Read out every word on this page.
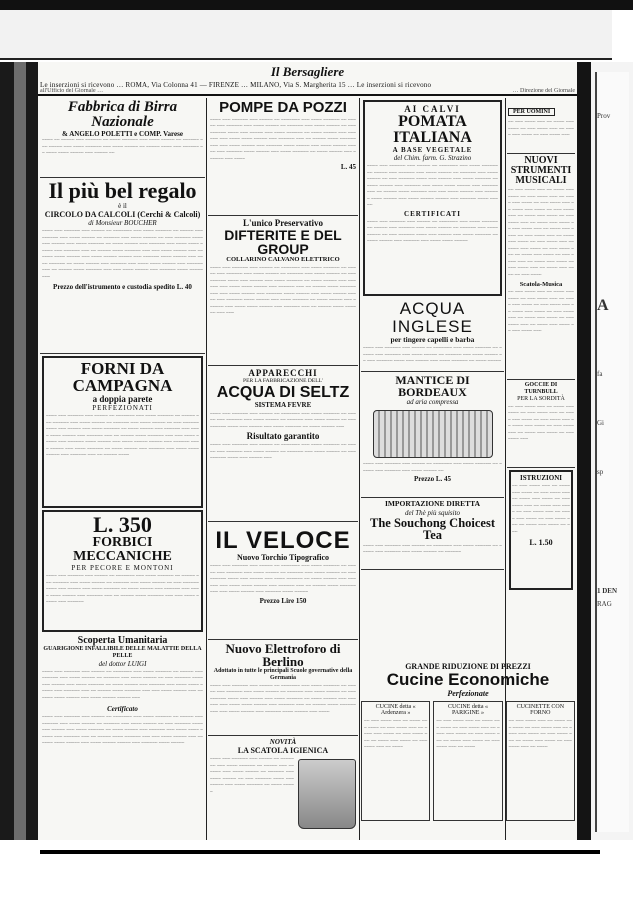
Prov
A
fa
Gi
sp
1 DEN
RAG
Il Bersagliere
Le inserzioni si ricevono … ROMA, Via Colonna 41 — FIRENZE … MILANO, Via S. Margherita 15 … Le inserzioni si ricevono
all'Ufficio del Giornale …	… Direzione del Giornale
Fabbrica di Birra Nazionale
& ANGELO POLETTI e COMP. Varese
~~~~ ~~ ~~~~~ ~~~ ~~~~~~ ~~ ~~~~ ~~~~~~ ~~~ ~~~~ ~~~~~ ~~ ~~~~~~ ~~~ ~~~~~ ~~~ ~~~~ ~~~~~~ ~~~ ~~~~ ~~~~~ ~~ ~~~~~ ~~~~ ~~~ ~~~~~~ ~~ ~~~~ ~~~~ ~~~~~ ~~~ ~~~~~ ~~
Il più bel regalo
è il
CIRCOLO DA CALCOLI (Cerchi & Calcoli)
di Monsieur BOUCHER
~~~~ ~~~ ~~~~~~ ~~~ ~~~~~ ~~ ~~~~~~~ ~~~ ~~~~ ~~~~~~ ~~ ~~~~~ ~~~ ~~~~~~ ~~~ ~~~~ ~~~~~ ~~ ~~~~~~ ~~~ ~~~~ ~~~~~ ~~ ~~~ ~~~~~~ ~~~~ ~~~ ~~~~~ ~~~ ~~~~ ~~~~~~ ~~ ~~~~ ~~~~~ ~~~ ~~~~~~ ~~~ ~~~~ ~~~~ ~~~~~ ~~~ ~~~~~~ ~~~ ~~ ~~~~~ ~~~~ ~~~~~~ ~~~ ~~~ ~~~~ ~~~~~ ~~~ ~~~~~~ ~~~~ ~~~~~ ~~~ ~~~~ ~~~~~ ~~~~~ ~~~ ~~~~~~ ~~~~ ~~~~~ ~~~ ~~~~ ~~~~~~ ~~ ~~~~ ~~~~~ ~~~ ~~~~~~ ~~~ ~~~~ ~~~~ ~~~~~ ~~~ ~~~~~~ ~~~ ~~ ~~~~~ ~~~~ ~~~~~~ ~~~ ~~~ ~~~~ ~~~~~ ~~~ ~~~~~~ ~~~~ ~~~~~ ~~~
Prezzo dell'istrumento e custodia spedito L. 40
FORNI DA CAMPAGNA
a doppia parete
PERFEZIONATI
~~~~ ~~~ ~~~~~~ ~~~ ~~~~~ ~~ ~~~~~~~ ~~~ ~~~~ ~~~~~~ ~~ ~~~~~ ~~~ ~~~~~~ ~~~ ~~~~ ~~~~~ ~~ ~~~~~~ ~~~ ~~~~ ~~~~~ ~~ ~~~ ~~~~~~ ~~~~ ~~~ ~~~~~ ~~~ ~~~~ ~~~~~~ ~~ ~~~~ ~~~~~ ~~~ ~~~~~~ ~~~ ~~~~ ~~~~ ~~~~~ ~~~ ~~~~~~ ~~~ ~~ ~~~~~ ~~~~ ~~~~~~ ~~~ ~~~ ~~~~ ~~~~~ ~~~ ~~~~~~ ~~~~ ~~~~~ ~~~ ~~~~ ~~~~~ ~~~~~ ~~~ ~~~~~~ ~~~~ ~~~~~ ~~~ ~~~~ ~~~~~~ ~~ ~~~~ ~~~~~ ~~~ ~~~~~~ ~~~ ~~~~ ~~~~ ~~~~~ ~~~ ~~~~~~ ~~~ ~~ ~~~~~ ~~~~
L. 350
FORBICI MECCANICHE
PER PECORE E MONTONI
~~~~ ~~~ ~~~~~~ ~~~ ~~~~~ ~~ ~~~~~~~ ~~~ ~~~~ ~~~~~~ ~~ ~~~~~ ~~~ ~~~~~~ ~~~ ~~~~ ~~~~~ ~~ ~~~~~~ ~~~ ~~~~ ~~~~~ ~~ ~~~ ~~~~~~ ~~~~ ~~~ ~~~~~ ~~~ ~~~~ ~~~~~~ ~~ ~~~~ ~~~~~ ~~~ ~~~~~~ ~~~ ~~~~ ~~~~ ~~~~~ ~~~ ~~~~~~ ~~~ ~~ ~~~~~ ~~~~ ~~~~~~ ~~~ ~~~ ~~~~ ~~~~~ ~~~ ~~~~~~
Scoperta Umanitaria
GUARIGIONE INFALLIBILE DELLE MALATTIE DELLA PELLE
del dottor LUIGI
~~~~ ~~~ ~~~~~~ ~~~ ~~~~~ ~~ ~~~~~~~ ~~~ ~~~~ ~~~~~~ ~~ ~~~~~ ~~~ ~~~~~~ ~~~ ~~~~ ~~~~~ ~~ ~~~~~~ ~~~ ~~~~ ~~~~~ ~~ ~~~ ~~~~~~ ~~~~ ~~~ ~~~~~ ~~~ ~~~~ ~~~~~~ ~~ ~~~~ ~~~~~ ~~~ ~~~~~~ ~~~ ~~~~ ~~~~ ~~~~~ ~~~ ~~~~~~ ~~~ ~~ ~~~~~ ~~~~ ~~~~~~ ~~~ ~~~ ~~~~ ~~~~~ ~~~ ~~~~~~ ~~~~ ~~~~~ ~~~ ~~~~ ~~~~~ ~~~~~ ~~~
Certificato
~~~~ ~~~ ~~~~~~ ~~~ ~~~~~ ~~ ~~~~~~~ ~~~ ~~~~ ~~~~~~ ~~ ~~~~~ ~~~ ~~~~~~ ~~~ ~~~~ ~~~~~ ~~ ~~~~~~ ~~~ ~~~~ ~~~~~ ~~ ~~~ ~~~~~~ ~~~~ ~~~ ~~~~~ ~~~ ~~~~ ~~~~~~ ~~ ~~~~ ~~~~~ ~~~ ~~~~~~ ~~~ ~~~~ ~~~~ ~~~~~ ~~~ ~~~~~~ ~~~ ~~ ~~~~~ ~~~~ ~~~~~~ ~~~ ~~~ ~~~~ ~~~~~ ~~~ ~~~~~~ ~~~~ ~~~~~ ~~~ ~~~~ ~~~~~ ~~~~~ ~~~ ~~~~~~ ~~~~ ~~~~~
POMPE DA POZZI
~~~~ ~~~ ~~~~~~ ~~~ ~~~~~ ~~ ~~~~~~~ ~~~ ~~~~ ~~~~~~ ~~ ~~~~~ ~~~ ~~~~~~ ~~~ ~~~~ ~~~~~ ~~ ~~~~~~ ~~~ ~~~~ ~~~~~ ~~ ~~~ ~~~~~~ ~~~~ ~~~ ~~~~~ ~~~ ~~~~ ~~~~~~ ~~ ~~~~ ~~~~~ ~~~ ~~~~~~ ~~~ ~~~~ ~~~~ ~~~~~ ~~~ ~~~~~~ ~~~ ~~ ~~~~~ ~~~~ ~~~~~~ ~~~ ~~~ ~~~~ ~~~~~ ~~~ ~~~~~~ ~~~~ ~~~~~ ~~~ ~~~~ ~~~~~ ~~~~~ ~~~ ~~~~~~ ~~~~ ~~~~~ ~~~ ~~~~ ~~~~~~ ~~ ~~~~ ~~~~~ ~~~ ~~~~~~ ~~~ ~~~~
L. 45
L'unico Preservativo
DIFTERITE E DEL GROUP
COLLARINO CALVANO ELETTRICO
~~~~ ~~~ ~~~~~~ ~~~ ~~~~~ ~~ ~~~~~~~ ~~~ ~~~~ ~~~~~~ ~~ ~~~~~ ~~~ ~~~~~~ ~~~ ~~~~ ~~~~~ ~~ ~~~~~~ ~~~ ~~~~ ~~~~~ ~~ ~~~ ~~~~~~ ~~~~ ~~~ ~~~~~ ~~~ ~~~~ ~~~~~~ ~~ ~~~~ ~~~~~ ~~~ ~~~~~~ ~~~ ~~~~ ~~~~ ~~~~~ ~~~ ~~~~~~ ~~~ ~~ ~~~~~ ~~~~ ~~~~~~ ~~~ ~~~ ~~~~ ~~~~~ ~~~ ~~~~~~ ~~~~ ~~~~~ ~~~ ~~~~ ~~~~~ ~~~~~ ~~~ ~~~~~~ ~~~~ ~~~~~ ~~~ ~~~~ ~~~~~~ ~~ ~~~~ ~~~~~ ~~~ ~~~~~~ ~~~ ~~~~ ~~~~ ~~~~~ ~~~ ~~~~~~ ~~~ ~~ ~~~~~ ~~~~ ~~~~~~ ~~~ ~~~
APPARECCHI
PER LA FABBRICAZIONE DELL'
ACQUA DI SELTZ
SISTEMA FEVRE
~~~~ ~~~ ~~~~~~ ~~~ ~~~~~ ~~ ~~~~~~~ ~~~ ~~~~ ~~~~~~ ~~ ~~~~~ ~~~ ~~~~~~ ~~~ ~~~~ ~~~~~ ~~ ~~~~~~ ~~~ ~~~~ ~~~~~ ~~ ~~~ ~~~~~~ ~~~~ ~~~ ~~~~~ ~~~ ~~~~ ~~~~~~ ~~ ~~~~ ~~~~~ ~~~
Risultato garantito
~~~~ ~~~ ~~~~~~ ~~~ ~~~~~ ~~ ~~~~~~~ ~~~ ~~~~ ~~~~~~ ~~ ~~~~~ ~~~ ~~~~~~ ~~~ ~~~~ ~~~~~ ~~ ~~~~~~ ~~~ ~~~~ ~~~~~ ~~ ~~~ ~~~~~~ ~~~~ ~~~ ~~~~~ ~~~
IL VELOCE
Nuovo Torchio Tipografico
~~~~ ~~~ ~~~~~~ ~~~ ~~~~~ ~~ ~~~~~~~ ~~~ ~~~~ ~~~~~~ ~~ ~~~~~ ~~~ ~~~~~~ ~~~ ~~~~ ~~~~~ ~~ ~~~~~~ ~~~ ~~~~ ~~~~~ ~~ ~~~ ~~~~~~ ~~~~ ~~~ ~~~~~ ~~~ ~~~~ ~~~~~~ ~~ ~~~~ ~~~~~ ~~~ ~~~~~~ ~~~ ~~~~ ~~~~ ~~~~~ ~~~ ~~~~~~ ~~~ ~~ ~~~~~ ~~~~ ~~~~~~ ~~~ ~~~ ~~~~ ~~~~~ ~~~ ~~~~~~ ~~~~ ~~~~~
Prezzo Lire 150
Nuovo Elettroforo di Berlino
Adottato in tutte le principali Scuole governative della Germania
~~~~ ~~~ ~~~~~~ ~~~ ~~~~~ ~~ ~~~~~~~ ~~~ ~~~~ ~~~~~~ ~~ ~~~~~ ~~~ ~~~~~~ ~~~ ~~~~ ~~~~~ ~~ ~~~~~~ ~~~ ~~~~ ~~~~~ ~~ ~~~ ~~~~~~ ~~~~ ~~~ ~~~~~ ~~~ ~~~~ ~~~~~~ ~~ ~~~~ ~~~~~ ~~~ ~~~~~~ ~~~ ~~~~ ~~~~ ~~~~~ ~~~ ~~~~~~ ~~~ ~~ ~~~~~ ~~~~ ~~~~~~ ~~~ ~~~ ~~~~ ~~~~~ ~~~ ~~~~~~ ~~~~ ~~~~~ ~~~ ~~~~
NOVITÀ
LA SCATOLA IGIENICA
~~~~ ~~~ ~~~~~~ ~~~ ~~~~~ ~~ ~~~~~~~ ~~~ ~~~~ ~~~~~~ ~~ ~~~~~ ~~~ ~~~~~~ ~~~ ~~~~ ~~~~~ ~~ ~~~~~~ ~~~ ~~~~ ~~~~~ ~~ ~~~ ~~~~~~ ~~~~ ~~~ ~~~~~ ~~~ ~~~~ ~~~~~~ ~~ ~~~~ ~~~~~
AI CALVI
POMATA ITALIANA
A BASE VEGETALE
del Chim. farm. G. Strazino
~~~~ ~~~ ~~~~~~ ~~~ ~~~~~ ~~ ~~~~~~~ ~~~ ~~~~ ~~~~~~ ~~ ~~~~~ ~~~ ~~~~~~ ~~~ ~~~~ ~~~~~ ~~ ~~~~~~ ~~~ ~~~~ ~~~~~ ~~ ~~~ ~~~~~~ ~~~~ ~~~ ~~~~~ ~~~ ~~~~ ~~~~~~ ~~ ~~~~ ~~~~~ ~~~ ~~~~~~ ~~~ ~~~~ ~~~~ ~~~~~ ~~~ ~~~~~~ ~~~ ~~ ~~~~~ ~~~~ ~~~~~~ ~~~ ~~~ ~~~~ ~~~~~ ~~~ ~~~~~~ ~~~~ ~~~~~ ~~~ ~~~~ ~~~~~ ~~~~~ ~~~ ~~~~~~ ~~~~ ~~~~~
CERTIFICATI
~~~~ ~~~ ~~~~~~ ~~~ ~~~~~ ~~ ~~~~~~~ ~~~ ~~~~ ~~~~~~ ~~ ~~~~~ ~~~ ~~~~~~ ~~~ ~~~~ ~~~~~ ~~ ~~~~~~ ~~~ ~~~~ ~~~~~ ~~ ~~~ ~~~~~~ ~~~~ ~~~ ~~~~~ ~~~ ~~~~ ~~~~~~ ~~ ~~~~ ~~~~~ ~~~ ~~~~~~ ~~~ ~~~~ ~~~~ ~~~~~
ACQUA INGLESE
per tingere capelli e barba
~~~~ ~~~ ~~~~~~ ~~~ ~~~~~ ~~ ~~~~~~~ ~~~ ~~~~ ~~~~~~ ~~ ~~~~~ ~~~ ~~~~~~ ~~~ ~~~~ ~~~~~ ~~ ~~~~~~ ~~~ ~~~~ ~~~~~ ~~ ~~~ ~~~~~~ ~~~~ ~~~ ~~~~~ ~~~ ~~~~ ~~~~~~ ~~ ~~~~ ~~~~~
MANTICE DI BORDEAUX
ad aria compressa
~~~~ ~~~ ~~~~~~ ~~~ ~~~~~ ~~ ~~~~~~~ ~~~ ~~~~ ~~~~~~ ~~ ~~~~~ ~~~ ~~~~~~ ~~~ ~~~~ ~~~~~ ~~
Prezzo L. 45
IMPORTAZIONE DIRETTA
del Thè più squisito
The Souchong Choicest Tea
~~~~ ~~~ ~~~~~~ ~~~ ~~~~~ ~~ ~~~~~~~ ~~~ ~~~~ ~~~~~~ ~~ ~~~~~ ~~~ ~~~~~~ ~~~ ~~~~ ~~~~~ ~~ ~~~~~~
GRANDE RIDUZIONE DI PREZZI
Cucine Economiche
Perfezionate
CUCINE detta « Ardenzera »
~~ ~~~ ~~~~ ~~~ ~~ ~~~~ ~~~ ~~~~ ~~ ~~~ ~~~~ ~~~ ~~ ~~~~ ~~~ ~~~~ ~~ ~~~ ~~~~ ~~~ ~~ ~~~~ ~~~ ~~~~ ~~ ~~~ ~~~~ ~~~ ~~ ~~~~
CUCINE detta « PARIGINE »
~~ ~~~ ~~~~ ~~~ ~~ ~~~~ ~~~ ~~~~ ~~ ~~~ ~~~~ ~~~ ~~ ~~~~ ~~~ ~~~~ ~~ ~~~ ~~~~ ~~~ ~~ ~~~~ ~~~ ~~~~ ~~ ~~~ ~~~~ ~~~ ~~ ~~~~
CUCINETTE CON FORNO
~~ ~~~ ~~~~ ~~~ ~~ ~~~~ ~~~ ~~~~ ~~ ~~~ ~~~~ ~~~ ~~ ~~~~ ~~~ ~~~~ ~~ ~~~ ~~~~ ~~~ ~~ ~~~~ ~~~ ~~~~ ~~ ~~~ ~~~~ ~~~ ~~ ~~~~
PER UOMINI
~~ ~~~ ~~~~ ~~~ ~~ ~~~~ ~~~ ~~~~ ~~ ~~~ ~~~~ ~~~ ~~ ~~~~ ~~~ ~~~~ ~~ ~~~ ~~~~ ~~~
NUOVI STRUMENTI MUSICALI
~~ ~~~ ~~~~ ~~~ ~~ ~~~~ ~~~ ~~~~ ~~ ~~~ ~~~~ ~~~ ~~ ~~~~ ~~~ ~~~~ ~~ ~~~ ~~~~ ~~~ ~~ ~~~~ ~~~ ~~~~ ~~ ~~~ ~~~~ ~~~ ~~ ~~~~ ~~~ ~~~~ ~~ ~~~ ~~~~ ~~~ ~~ ~~~~ ~~~ ~~~~ ~~ ~~~ ~~~~ ~~~ ~~ ~~~~ ~~~ ~~~~ ~~ ~~~ ~~~~ ~~~ ~~ ~~~~ ~~~ ~~~~ ~~ ~~~ ~~~~ ~~~ ~~ ~~~~ ~~~ ~~~~ ~~ ~~~ ~~~~ ~~~ ~~ ~~~~ ~~~ ~~~~ ~~ ~~~ ~~~~ ~~~ ~~ ~~~~ ~~~ ~~~~ ~~ ~~~ ~~~~ ~~~ ~~ ~~~~ ~~~ ~~~~ ~~ ~~~ ~~~~
Scatola-Musica
~~ ~~~ ~~~~ ~~~ ~~ ~~~~ ~~~ ~~~~ ~~ ~~~ ~~~~ ~~~ ~~ ~~~~ ~~~ ~~~~ ~~ ~~~ ~~~~ ~~~ ~~ ~~~~ ~~~ ~~~~ ~~ ~~~ ~~~~ ~~~ ~~ ~~~~ ~~~ ~~~~ ~~ ~~~ ~~~~ ~~~ ~~ ~~~~ ~~~ ~~~~ ~~ ~~~ ~~~~ ~~~
GOCCIE DI TURNBULL
PER LA SORDITÀ
~~ ~~~ ~~~~ ~~~ ~~ ~~~~ ~~~ ~~~~ ~~ ~~~ ~~~~ ~~~ ~~ ~~~~ ~~~ ~~~~ ~~ ~~~ ~~~~ ~~~ ~~ ~~~~ ~~~ ~~~~ ~~ ~~~ ~~~~ ~~~ ~~ ~~~~ ~~~ ~~~~ ~~ ~~~ ~~~~ ~~~
ISTRUZIONI
~~ ~~~ ~~~~ ~~~ ~~ ~~~~ ~~~ ~~~~ ~~ ~~~ ~~~~ ~~~ ~~ ~~~~ ~~~ ~~~~ ~~ ~~~ ~~~~ ~~~ ~~ ~~~~ ~~~ ~~~~ ~~ ~~~ ~~~~ ~~~ ~~ ~~~~ ~~~ ~~~~ ~~ ~~~ ~~~~ ~~~ ~~ ~~~~ ~~~ ~~~~ ~~ ~~~
L. 1.50
